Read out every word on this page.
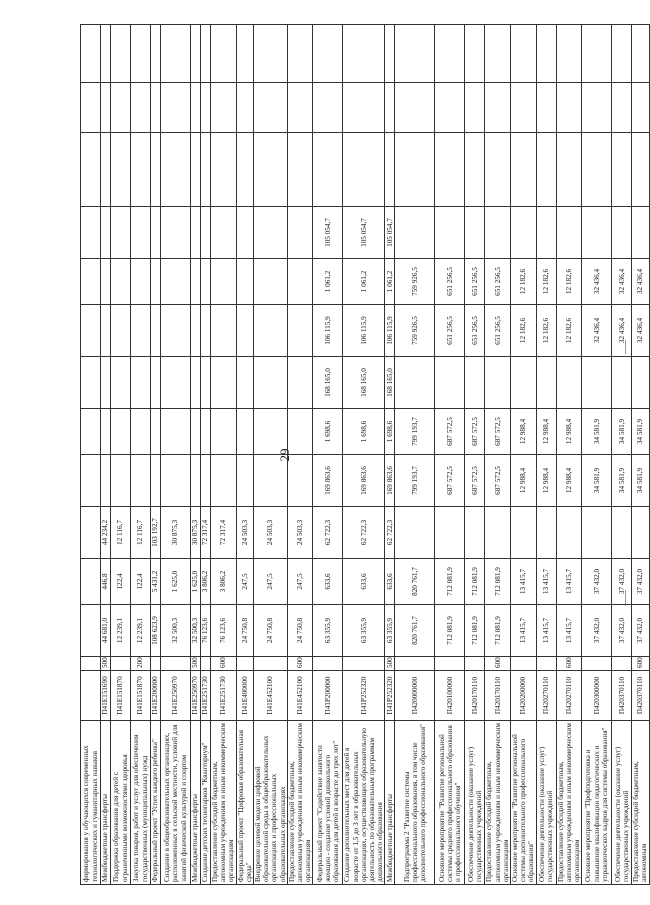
29
формирования у обучающихся современных технологических и гуманитарных навыков														
Межбюджетные трансферты	П41Е151690	500	44 681,0	446,8	44 234,2									
Поддержка образования для детей с ограниченными возможностями здоровья	П41Е151870		12 239,1	122,4	12 116,7									
Закупка товаров, работ и услуг для обеспечения государственных (муниципальных) нужд	П41Е151870	200	12 239,1	122,4	12 116,7									
Федеральный проект "Успех каждого ребенка"	П41Е200000		108 623,9	5 431,2	103 192,7									
Создание в общеобразовательных организациях, расположенных в сельской местности, условий для занятий физической культурой и спортом	П41Е250970		32 500,3	1 625,0	30 875,3									
Межбюджетные трансферты	П41Е250970	500	32 500,3	1 625,0	30 875,3									
Создание детских технопарков "Кванториум"	П41Е251730		76 123,6	3 806,2	72 317,4									
Предоставление субсидий бюджетным, автономным учреждениям и иным некоммерческим организациям	П41Е251730	600	76 123,6	3 806,2	72 317,4									
Федеральный проект "Цифровая образовательная среда"	П41Е400000		24 750,8	247,5	24 503,3									
Внедрение целевой модели цифровой образовательной среды в общеобразовательных организациях и профессиональных образовательных организациях	П41Е452100		24 750,8	247,5	24 503,3									
Предоставление субсидий бюджетным, автономным учреждениям и иным некоммерческим организациям	П41Е452100	600	24 750,8	247,5	24 503,3									
Федеральный проект "Содействие занятости женщин - создание условий дошкольного образования для детей в возрасте до трех лет"	П41Р200000		63 355,9	633,6	62 722,3	169 863,6	1 698,6	168 165,0	106 115,9	1 061,2	105 054,7			
Создание дополнительных мест для детей в возрасте от 1,5 до 3 лет в образовательных организациях, осуществляющих образовательную деятельность по образовательным программам дошкольного образования	П41Р252320		63 355,9	633,6	62 722,3	169 863,6	1 698,6	168 165,0	106 115,9	1 061,2	105 054,7			
Межбюджетные трансферты	П41Р252320	500	63 355,9	633,6	62 722,3	169 863,6	1 698,6	168 165,0	106 115,9	1 061,2	105 054,7			
Подпрограмма 2 "Развитие системы профессионального образования, в том числе дополнительного профессионального образования"	П420000000		820 761,7	820 761,7		799 193,7	799 193,7		759 926,5	759 926,5				
Основное мероприятие "Развитие региональной системы среднего профессионального образования и профессионального обучения"	П420100000		712 081,9	712 081,9		687 572,5	687 572,5		651 256,5	651 256,5				
Обеспечение деятельности (оказание услуг) государственных учреждений	П420170110		712 081,9	712 081,9		687 572,5	687 572,5		651 256,5	651 256,5				
Предоставление субсидий бюджетным, автономным учреждениям и иным некоммерческим организациям	П420170110	600	712 081,9	712 081,9		687 572,5	687 572,5		651 256,5	651 256,5				
Основное мероприятие "Развитие региональной системы дополнительного профессионального образования"	П420200000		13 415,7	13 415,7		12 988,4	12 988,4		12 182,6	12 182,6				
Обеспечение деятельности (оказание услуг) государственных учреждений	П420270110		13 415,7	13 415,7		12 988,4	12 988,4		12 182,6	12 182,6				
Предоставление субсидий бюджетным, автономным учреждениям и иным некоммерческим организациям	П420270110	600	13 415,7	13 415,7		12 988,4	12 988,4		12 182,6	12 182,6				
Основное мероприятие "Профподготовка и повышение квалификации педагогических и управленческих кадров для системы образования"	П420300000		37 432,0	37 432,0		34 581,9	34 581,9		32 436,4	32 436,4				
Обеспечение деятельности (оказание услуг) государственных учреждений	П420370110		37 432,0	37 432,0		34 581,9	34 581,9		32 436,4	32 436,4				
Предоставление субсидий бюджетным, автономным	П420370110	600	37 432,0	37 432,0		34 581,9	34 581,9		32 436,4	32 436,4				
